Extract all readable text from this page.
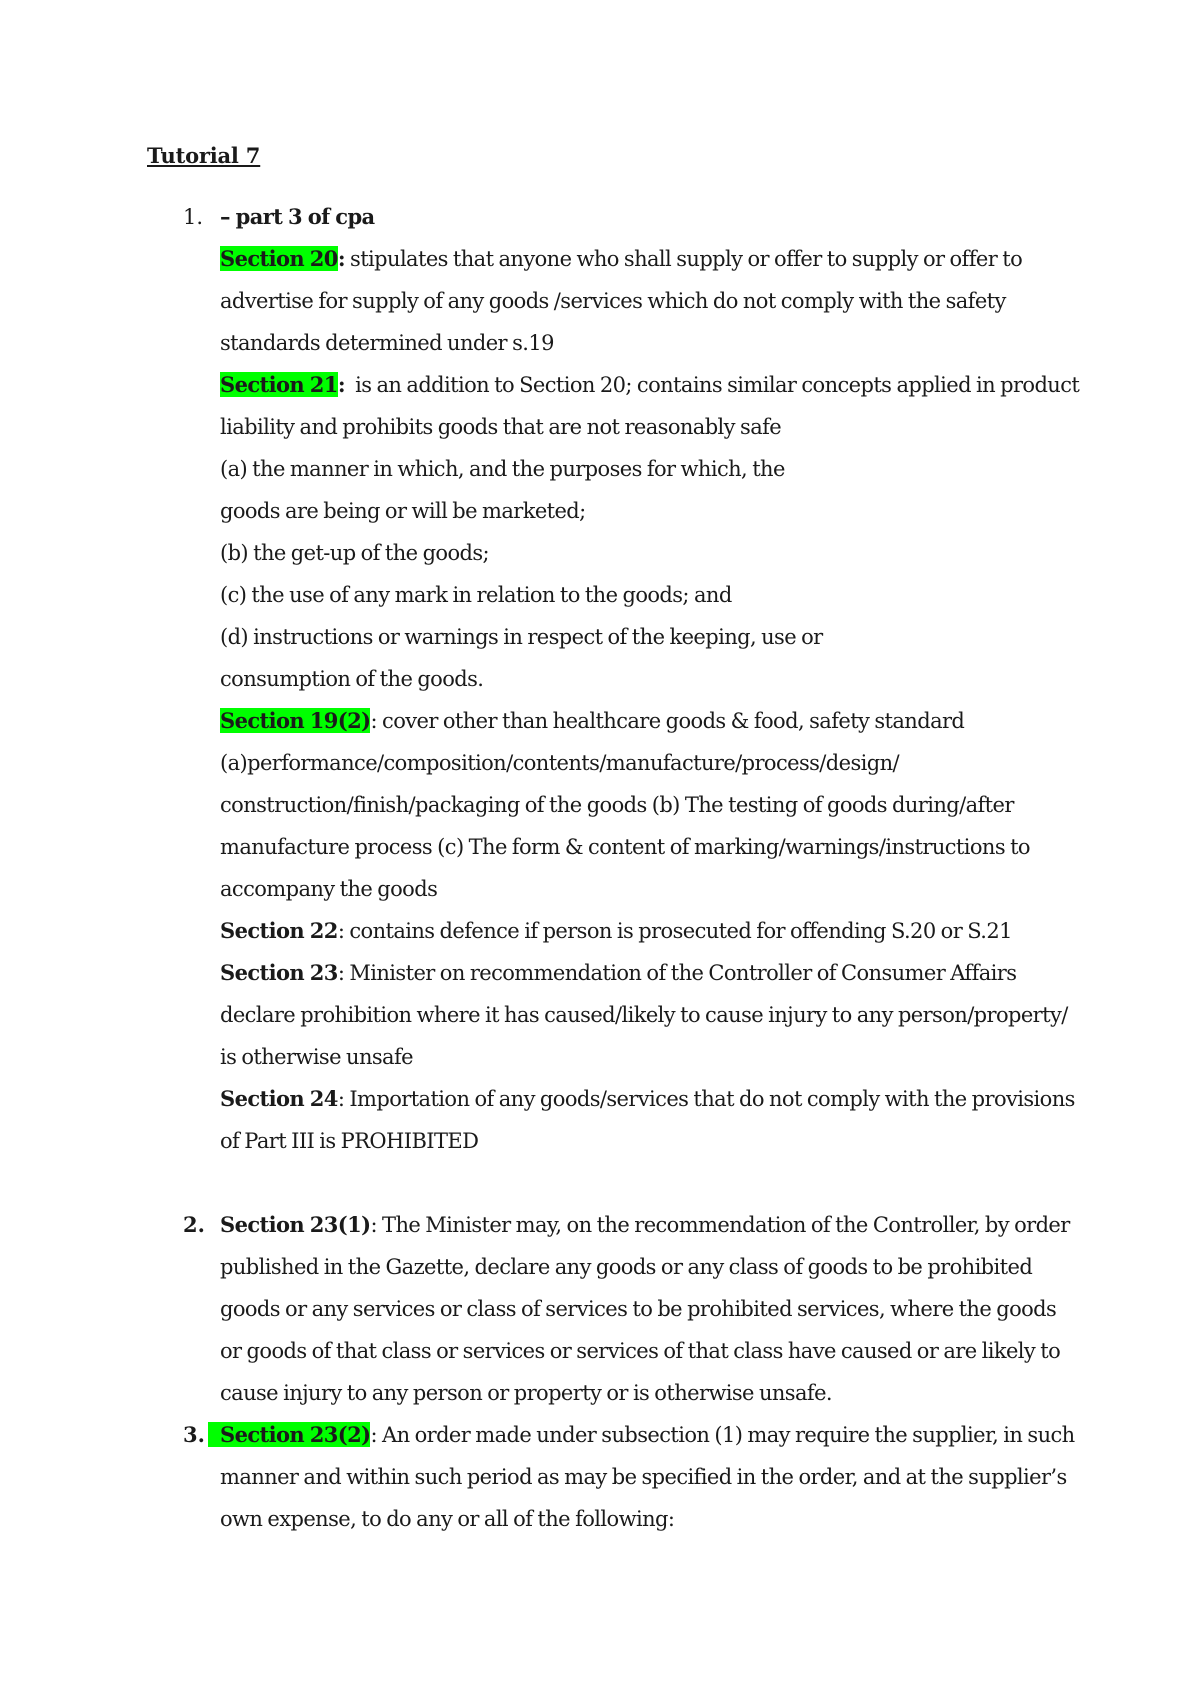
Tutorial 7
1. – part 3 of cpa
Section 20: stipulates that anyone who shall supply or offer to supply or offer to
advertise for supply of any goods /services which do not comply with the safety
standards determined under s.19
Section 21:  is an addition to Section 20; contains similar concepts applied in product
liability and prohibits goods that are not reasonably safe
(a) the manner in which, and the purposes for which, the
goods are being or will be marketed;
(b) the get-up of the goods;
(c) the use of any mark in relation to the goods; and
(d) instructions or warnings in respect of the keeping, use or
consumption of the goods.
Section 19(2): cover other than healthcare goods & food, safety standard
(a)performance/composition/contents/manufacture/process/design/
construction/finish/packaging of the goods (b) The testing of goods during/after
manufacture process (c) The form & content of marking/warnings/instructions to
accompany the goods
Section 22: contains defence if person is prosecuted for offending S.20 or S.21
Section 23: Minister on recommendation of the Controller of Consumer Affairs
declare prohibition where it has caused/likely to cause injury to any person/property/
is otherwise unsafe
Section 24: Importation of any goods/services that do not comply with the provisions
of Part III is PROHIBITED
2. Section 23(1): The Minister may, on the recommendation of the Controller, by order
published in the Gazette, declare any goods or any class of goods to be prohibited
goods or any services or class of services to be prohibited services, where the goods
or goods of that class or services or services of that class have caused or are likely to
cause injury to any person or property or is otherwise unsafe.
3. Section 23(2): An order made under subsection (1) may require the supplier, in such
manner and within such period as may be specified in the order, and at the supplier’s
own expense, to do any or all of the following:
